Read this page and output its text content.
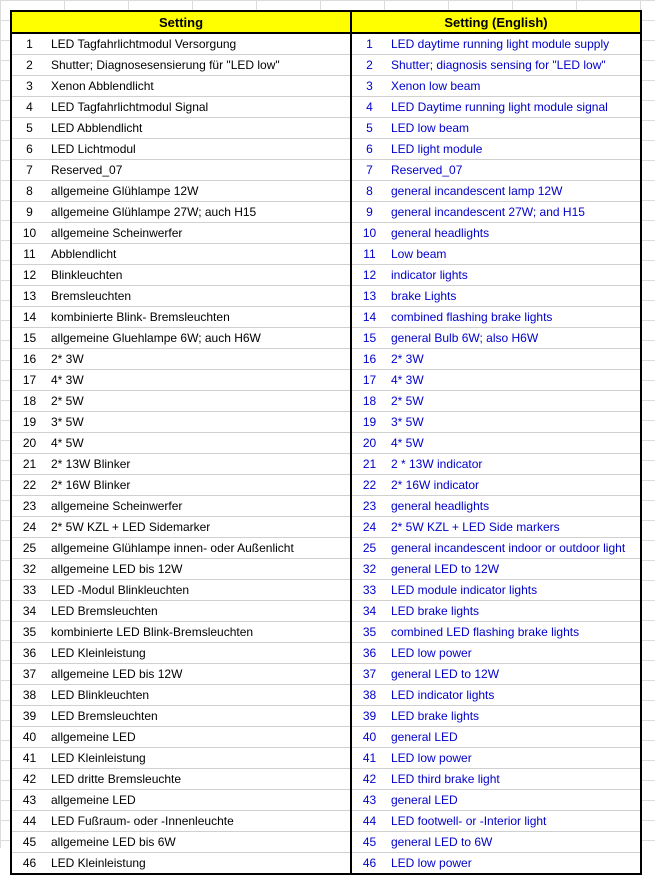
Setting		Setting (English)	
1	LED Tagfahrlichtmodul Versorgung	1	LED daytime running light module supply
2	Shutter; Diagnosesensierung für "LED low"	2	Shutter; diagnosis sensing for "LED low"
3	Xenon Abblendlicht	3	Xenon low beam
4	LED Tagfahrlichtmodul Signal	4	LED Daytime running light module signal
5	LED Abblendlicht	5	LED low beam
6	LED Lichtmodul	6	LED light module
7	Reserved_07	7	Reserved_07
8	allgemeine Glühlampe 12W	8	general incandescent lamp 12W
9	allgemeine Glühlampe 27W; auch H15	9	general incandescent 27W; and H15
10	allgemeine Scheinwerfer	10	general headlights
11	Abblendlicht	11	Low beam
12	Blinkleuchten	12	indicator lights
13	Bremsleuchten	13	brake Lights
14	kombinierte Blink- Bremsleuchten	14	combined flashing brake lights
15	allgemeine Gluehlampe 6W; auch H6W	15	general Bulb 6W; also H6W
16	2* 3W	16	2* 3W
17	4* 3W	17	4* 3W
18	2* 5W	18	2* 5W
19	3* 5W	19	3* 5W
20	4* 5W	20	4* 5W
21	2* 13W Blinker	21	2 * 13W indicator
22	2* 16W Blinker	22	2* 16W indicator
23	allgemeine Scheinwerfer	23	general headlights
24	2* 5W KZL + LED Sidemarker	24	2* 5W KZL + LED Side markers
25	allgemeine Glühlampe innen- oder Außenlicht	25	general incandescent indoor or outdoor light
32	allgemeine LED bis 12W	32	general LED to 12W
33	LED -Modul Blinkleuchten	33	LED module indicator lights
34	LED Bremsleuchten	34	LED brake lights
35	kombinierte LED Blink-Bremsleuchten	35	combined LED flashing brake lights
36	LED Kleinleistung	36	LED low power
37	allgemeine LED bis 12W	37	general LED to 12W
38	LED Blinkleuchten	38	LED indicator lights
39	LED Bremsleuchten	39	LED brake lights
40	allgemeine LED	40	general LED
41	LED Kleinleistung	41	LED low power
42	LED dritte Bremsleuchte	42	LED third brake light
43	allgemeine LED	43	general LED
44	LED Fußraum- oder -Innenleuchte	44	LED footwell- or -Interior light
45	allgemeine LED bis 6W	45	general LED to 6W
46	LED Kleinleistung	46	LED low power
